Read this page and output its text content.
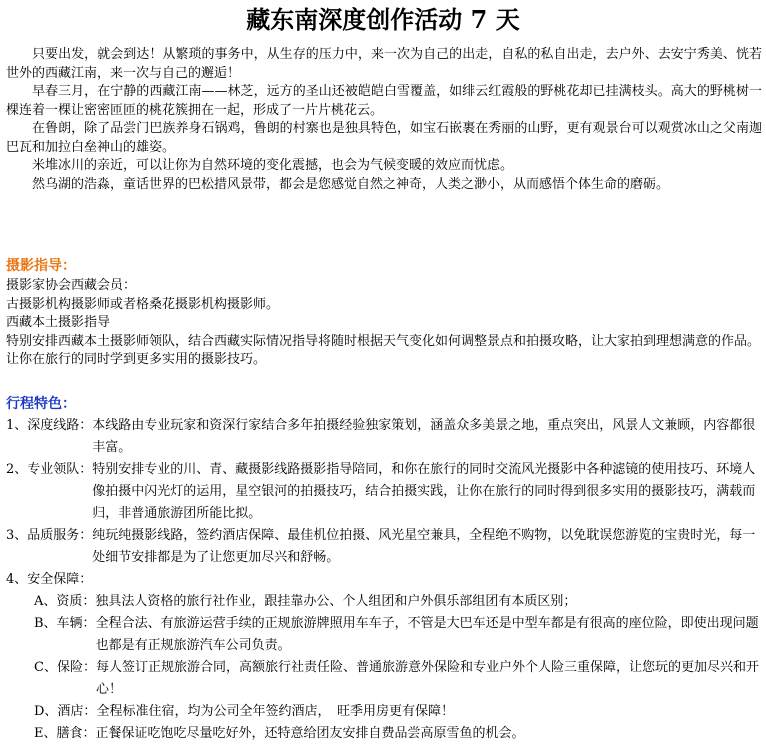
藏东南深度创作活动 7 天

只要出发，就会到达！从繁琐的事务中，从生存的压力中，来一次为自己的出走，自私的私自出走，去户外、去安宁秀美、恍若世外的西藏江南，来一次与自己的邂逅！

早春三月，在宁静的西藏江南——林芝，远方的圣山还被皑皑白雪覆盖，如绯云红霞般的野桃花却已挂满枝头。高大的野桃树一棵连着一棵让密密匝匝的桃花簇拥在一起，形成了一片片桃花云。

在鲁朗，除了品尝门巴族养身石锅鸡，鲁朗的村寨也是独具特色，如宝石嵌裹在秀丽的山野，更有观景台可以观赏冰山之父南迦巴瓦和加拉白垒神山的雄姿。

米堆冰川的亲近，可以让你为自然环境的变化震撼，也会为气候变暖的效应而忧虑。

然乌湖的浩淼，童话世界的巴松措风景带，都会是您感觉自然之神奇，人类之渺小，从而感悟个体生命的磨砺。

摄影指导：

摄影家协会西藏会员：

古摄影机构摄影师或者格桑花摄影机构摄影师。

西藏本土摄影指导

特别安排西藏本土摄影师领队，结合西藏实际情况指导将随时根据天气变化如何调整景点和拍摄攻略，让大家拍到理想满意的作品。让你在旅行的同时学到更多实用的摄影技巧。

行程特色：
1、深度线路： 本线路由专业玩家和资深行家结合多年拍摄经验独家策划，涵盖众多美景之地，重点突出，风景人文兼顾，内容都很丰富。
2、专业领队： 特别安排专业的川、青、藏摄影线路摄影指导陪同，和你在旅行的同时交流风光摄影中各种滤镜的使用技巧、环境人像拍摄中闪光灯的运用，星空银河的拍摄技巧，结合拍摄实践，让你在旅行的同时得到很多实用的摄影技巧，满载而归，非普通旅游团所能比拟。
3、品质服务： 纯玩纯摄影线路，签约酒店保障、最佳机位拍摄、风光星空兼具，全程绝不购物，以免耽误您游览的宝贵时光，每一处细节安排都是为了让您更加尽兴和舒畅。
4、安全保障：
A、资质： 独具法人资格的旅行社作业，跟挂靠办公、个人组团和户外俱乐部组团有本质区别；
B、车辆： 全程合法、有旅游运营手续的正规旅游牌照用车车子，不管是大巴车还是中型车都是有很高的座位险，即使出现问题也都是有正规旅游汽车公司负责。
C、保险： 每人签订正规旅游合同，高额旅行社责任险、普通旅游意外保险和专业户外个人险三重保障，让您玩的更加尽兴和开心！
D、酒店： 全程标准住宿，均为公司全年签约酒店，　旺季用房更有保障！
E、膳食： 正餐保证吃饱吃尽量吃好外，还特意给团友安排自费品尝高原雪鱼的机会。
